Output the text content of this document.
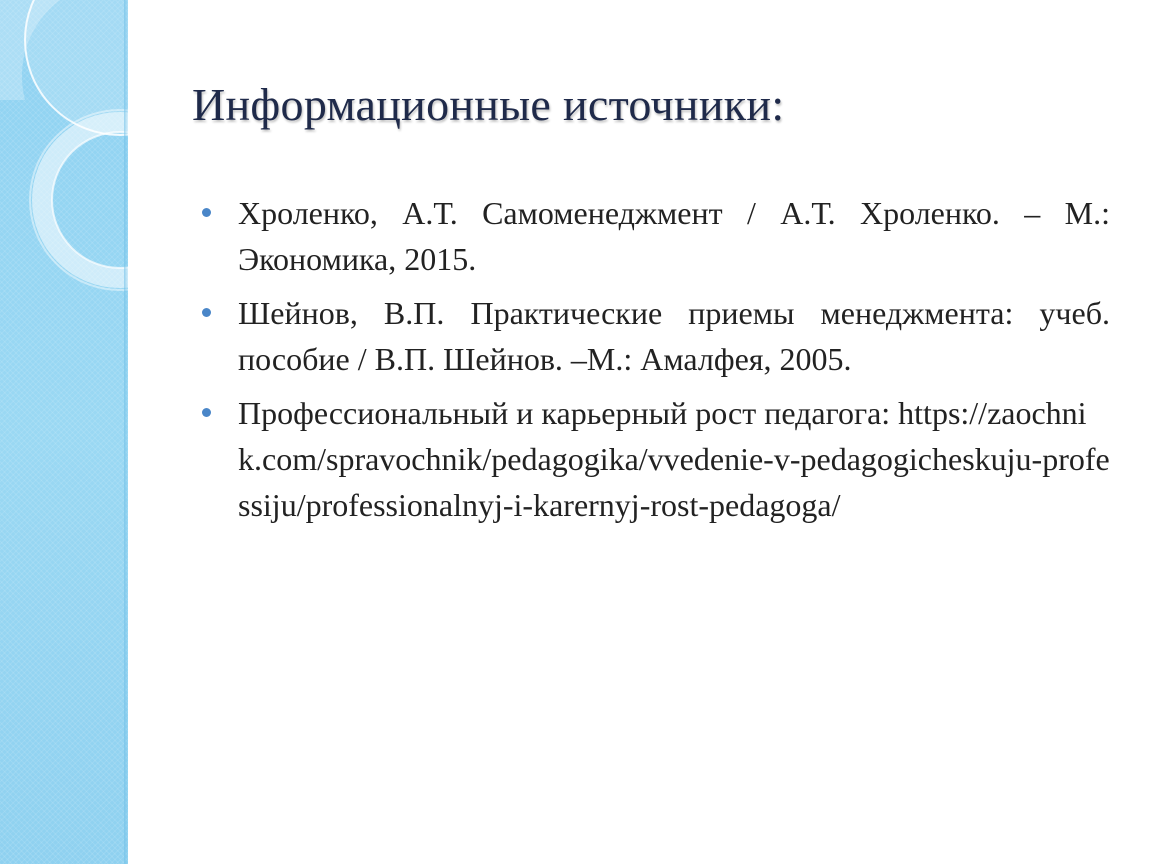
Информационные источники:
Хроленко, А.Т. Самоменеджмент / А.Т. Хроленко. – М.: Экономика, 2015.
Шейнов, В.П. Практические приемы менеджмента: учеб. пособие / В.П. Шейнов. –М.: Амалфея, 2005.
Профессиональный и карьерный рост педагога: https://zaochnik.com/spravochnik/pedagogika/vvedenie-v-pedagogicheskuju-professiju/professionalnyj-i-karernyj-rost-pedagoga/
